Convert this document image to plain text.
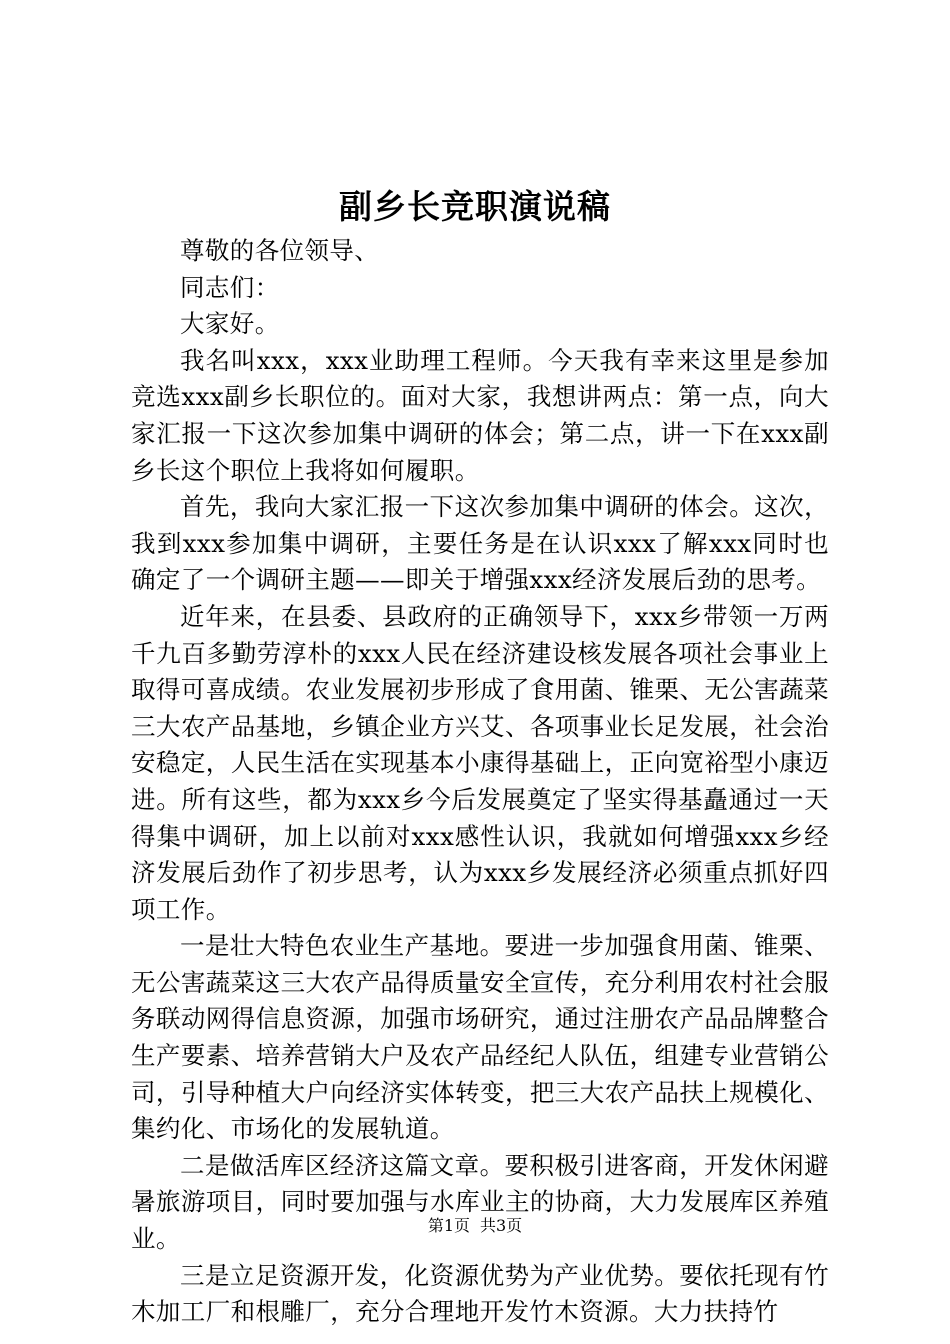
副乡长竞职演说稿

尊敬的各位领导、

同志们：

大家好。

我名叫xxx，xxx业助理工程师。今天我有幸来这里是参加竞选xxx副乡长职位的。面对大家，我想讲两点：第一点，向大家汇报一下这次参加集中调研的体会；第二点，讲一下在xxx副乡长这个职位上我将如何履职。

首先，我向大家汇报一下这次参加集中调研的体会。这次，我到xxx参加集中调研，主要任务是在认识xxx了解xxx同时也确定了一个调研主题——即关于增强xxx经济发展后劲的思考。

近年来，在县委、县政府的正确领导下，xxx乡带领一万两千九百多勤劳淳朴的xxx人民在经济建设核发展各项社会事业上取得可喜成绩。农业发展初步形成了食用菌、锥栗、无公害蔬菜三大农产品基地，乡镇企业方兴艾、各项事业长足发展，社会治安稳定，人民生活在实现基本小康得基础上，正向宽裕型小康迈进。所有这些，都为xxx乡今后发展奠定了坚实得基矗通过一天得集中调研，加上以前对xxx感性认识，我就如何增强xxx乡经济发展后劲作了初步思考，认为xxx乡发展经济必须重点抓好四项工作。

一是壮大特色农业生产基地。要进一步加强食用菌、锥栗、无公害蔬菜这三大农产品得质量安全宣传，充分利用农村社会服务联动网得信息资源，加强市场研究，通过注册农产品品牌整合生产要素、培养营销大户及农产品经纪人队伍，组建专业营销公司，引导种植大户向经济实体转变，把三大农产品扶上规模化、集约化、市场化的发展轨道。

二是做活库区经济这篇文章。要积极引进客商，开发休闲避暑旅游项目，同时要加强与水库业主的协商，大力发展库区养殖业。

三是立足资源开发，化资源优势为产业优势。要依托现有竹木加工厂和根雕厂，充分合理地开发竹木资源。大力扶持竹

第1页 共3页
